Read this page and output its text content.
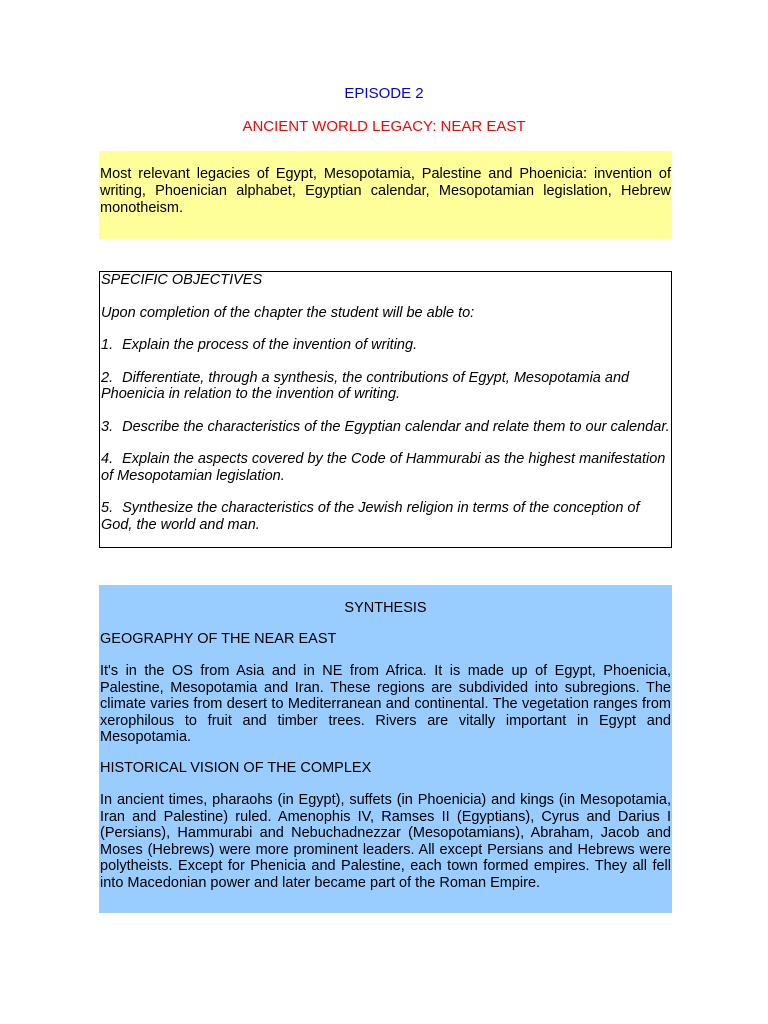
EPISODE 2
ANCIENT WORLD LEGACY: NEAR EAST
Most relevant legacies of Egypt, Mesopotamia, Palestine and Phoenicia: invention of writing, Phoenician alphabet, Egyptian calendar, Mesopotamian legislation, Hebrew monotheism.

SPECIFIC OBJECTIVES

Upon completion of the chapter the student will be able to:

1. Explain the process of the invention of writing.

2. Differentiate, through a synthesis, the contributions of Egypt, Mesopotamia and Phoenicia in relation to the invention of writing.

3. Describe the characteristics of the Egyptian calendar and relate them to our calendar.

4. Explain the aspects covered by the Code of Hammurabi as the highest manifestation of Mesopotamian legislation.

5. Synthesize the characteristics of the Jewish religion in terms of the conception of God, the world and man.

SYNTHESIS

GEOGRAPHY OF THE NEAR EAST

It's in the OS from Asia and in NE from Africa. It is made up of Egypt, Phoenicia, Palestine, Mesopotamia and Iran. These regions are subdivided into subregions. The climate varies from desert to Mediterranean and continental. The vegetation ranges from xerophilous to fruit and timber trees. Rivers are vitally important in Egypt and Mesopotamia.

HISTORICAL VISION OF THE COMPLEX

In ancient times, pharaohs (in Egypt), suffets (in Phoenicia) and kings (in Mesopotamia, Iran and Palestine) ruled. Amenophis IV, Ramses II (Egyptians), Cyrus and Darius I (Persians), Hammurabi and Nebuchadnezzar (Mesopotamians), Abraham, Jacob and Moses (Hebrews) were more prominent leaders. All except Persians and Hebrews were polytheists. Except for Phenicia and Palestine, each town formed empires. They all fell into Macedonian power and later became part of the Roman Empire.
